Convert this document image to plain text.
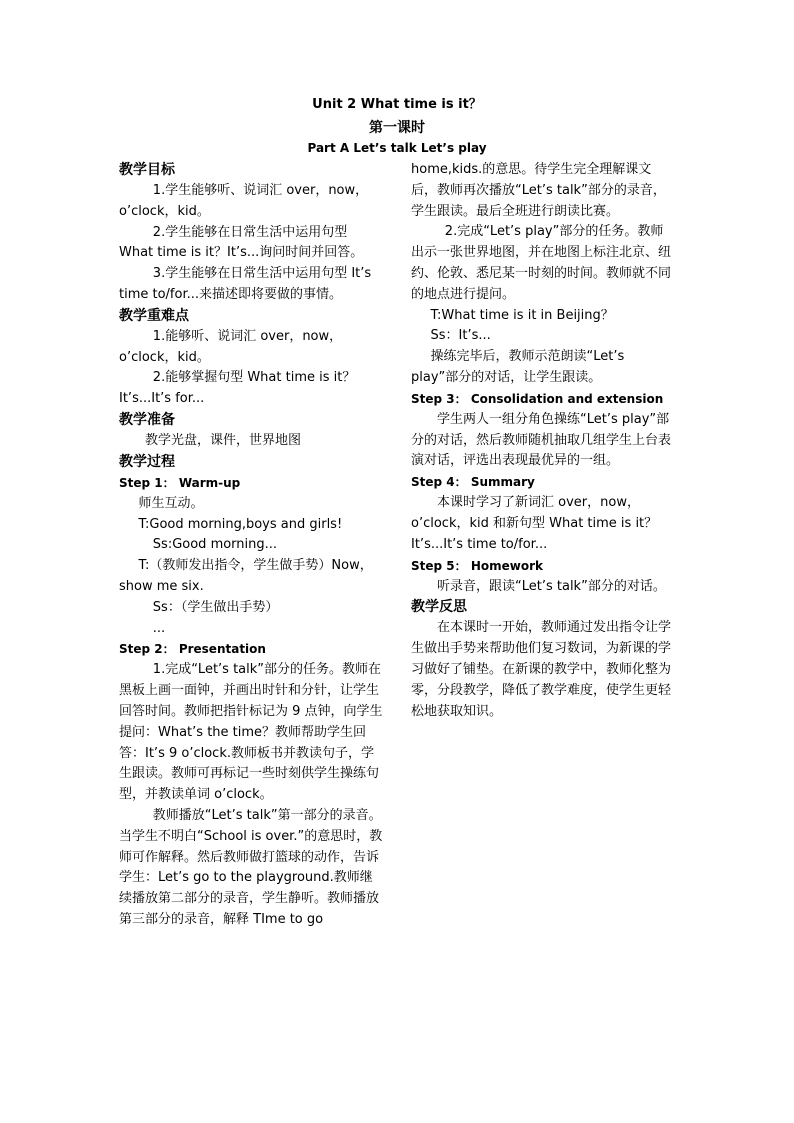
Unit 2 What time is it？
第一课时
Part A Let’s talk Let’s play

教学目标

1.学生能够听、说词汇 over，now，o’clock，kid。

2.学生能够在日常生活中运用句型 What time is it？It’s...询问时间并回答。

3.学生能够在日常生活中运用句型 It’s time to/for...来描述即将要做的事情。

教学重难点

1.能够听、说词汇 over，now，o’clock，kid。

2.能够掌握句型 What time is it？It’s...It’s for...

教学准备

教学光盘，课件，世界地图

教学过程

Step 1： Warm-up

师生互动。

T:Good morning,boys and girls!

Ss:Good morning...

T:（教师发出指令，学生做手势）Now，show me six.

Ss：（学生做出手势）

...

Step 2： Presentation

1.完成“Let’s talk”部分的任务。教师在黑板上画一面钟，并画出时针和分针，让学生回答时间。教师把指针标记为 9 点钟，向学生提问：What’s the time？教师帮助学生回答：It’s 9 o’clock.教师板书并教读句子，学生跟读。教师可再标记一些时刻供学生操练句型，并教读单词 o’clock。

教师播放“Let’s talk”第一部分的录音。当学生不明白“School is over.”的意思时，教师可作解释。然后教师做打篮球的动作，告诉学生：Let’s go to the playground.教师继续播放第二部分的录音，学生静听。教师播放第三部分的录音，解释 TIme to go

home,kids.的意思。待学生完全理解课文后，教师再次播放“Let’s talk”部分的录音，学生跟读。最后全班进行朗读比赛。

2.完成“Let’s play”部分的任务。教师出示一张世界地图，并在地图上标注北京、纽约、伦敦、悉尼某一时刻的时间。教师就不同的地点进行提问。

T:What time is it in Beijing？

Ss：It’s...

操练完毕后，教师示范朗读“Let’s play”部分的对话，让学生跟读。

Step 3： Consolidation and extension

学生两人一组分角色操练“Let’s play”部分的对话，然后教师随机抽取几组学生上台表演对话，评选出表现最优异的一组。

Step 4： Summary

本课时学习了新词汇 over，now，o’clock，kid 和新句型 What time is it？It’s...It’s time to/for...

Step 5： Homework

听录音，跟读“Let’s talk”部分的对话。

教学反思

在本课时一开始，教师通过发出指令让学生做出手势来帮助他们复习数词，为新课的学习做好了铺垫。在新课的教学中，教师化整为零，分段教学，降低了教学难度，使学生更轻松地获取知识。
